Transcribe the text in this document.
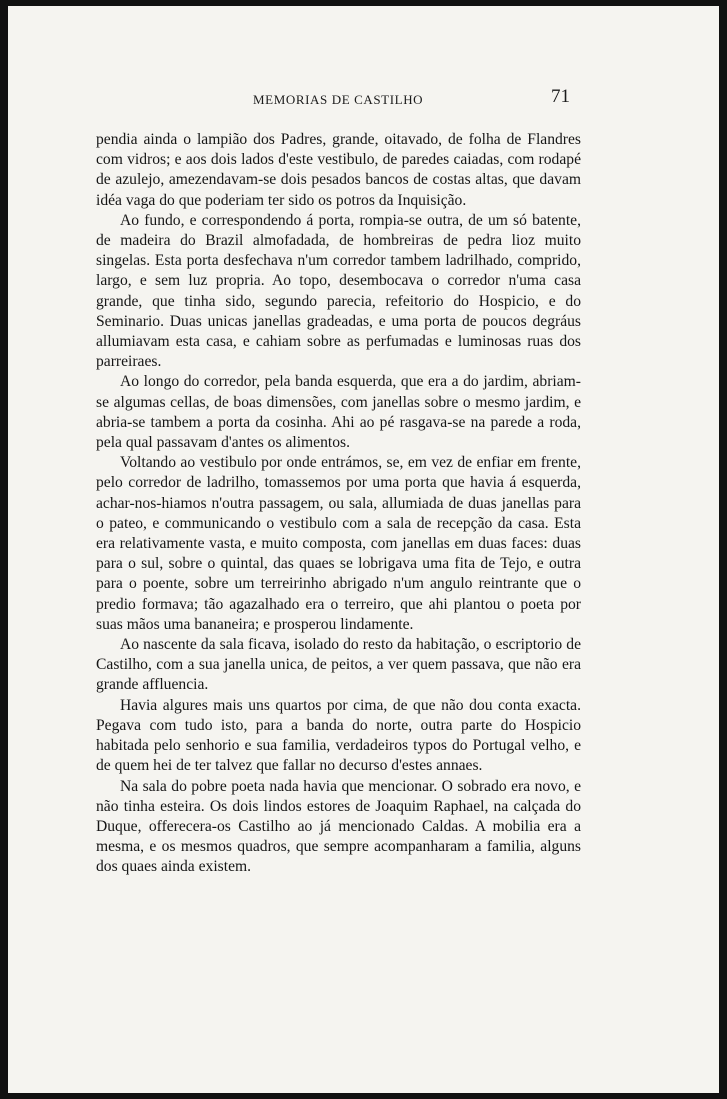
MEMORIAS DE CASTILHO	71

pendia ainda o lampião dos Padres, grande, oitavado, de folha de Flandres com vidros; e aos dois lados d'este vestibulo, de paredes caiadas, com rodapé de azulejo, amezendavam-se dois pesados bancos de costas altas, que davam idéa vaga do que poderiam ter sido os potros da Inquisição.

Ao fundo, e correspondendo á porta, rompia-se outra, de um só batente, de madeira do Brazil almofadada, de hombreiras de pedra lioz muito singelas. Esta porta desfechava n'um corredor tambem ladrilhado, comprido, largo, e sem luz propria. Ao topo, desembocava o corredor n'uma casa grande, que tinha sido, segundo parecia, refeitorio do Hospicio, e do Seminario. Duas unicas janellas gradeadas, e uma porta de poucos degráus allumiavam esta casa, e cahiam sobre as perfumadas e luminosas ruas dos parreiraes.

Ao longo do corredor, pela banda esquerda, que era a do jardim, abriam-se algumas cellas, de boas dimensões, com janellas sobre o mesmo jardim, e abria-se tambem a porta da cosinha. Ahi ao pé rasgava-se na parede a roda, pela qual passavam d'antes os alimentos.

Voltando ao vestibulo por onde entrámos, se, em vez de enfiar em frente, pelo corredor de ladrilho, tomassemos por uma porta que havia á esquerda, achar-nos-hiamos n'outra passagem, ou sala, allumiada de duas janellas para o pateo, e communicando o vestibulo com a sala de recepção da casa. Esta era relativamente vasta, e muito composta, com janellas em duas faces: duas para o sul, sobre o quintal, das quaes se lobrigava uma fita de Tejo, e outra para o poente, sobre um terreirinho abrigado n'um angulo reintrante que o predio formava; tão agazalhado era o terreiro, que ahi plantou o poeta por suas mãos uma bananeira; e prosperou lindamente.

Ao nascente da sala ficava, isolado do resto da habitação, o escriptorio de Castilho, com a sua janella unica, de peitos, a ver quem passava, que não era grande affluencia.

Havia algures mais uns quartos por cima, de que não dou conta exacta. Pegava com tudo isto, para a banda do norte, outra parte do Hospicio habitada pelo senhorio e sua familia, verdadeiros typos do Portugal velho, e de quem hei de ter talvez que fallar no decurso d'estes annaes.

Na sala do pobre poeta nada havia que mencionar. O sobrado era novo, e não tinha esteira. Os dois lindos estores de Joaquim Raphael, na calçada do Duque, offerecera-os Castilho ao já mencionado Caldas. A mobilia era a mesma, e os mesmos quadros, que sempre acompanharam a familia, alguns dos quaes ainda existem.
